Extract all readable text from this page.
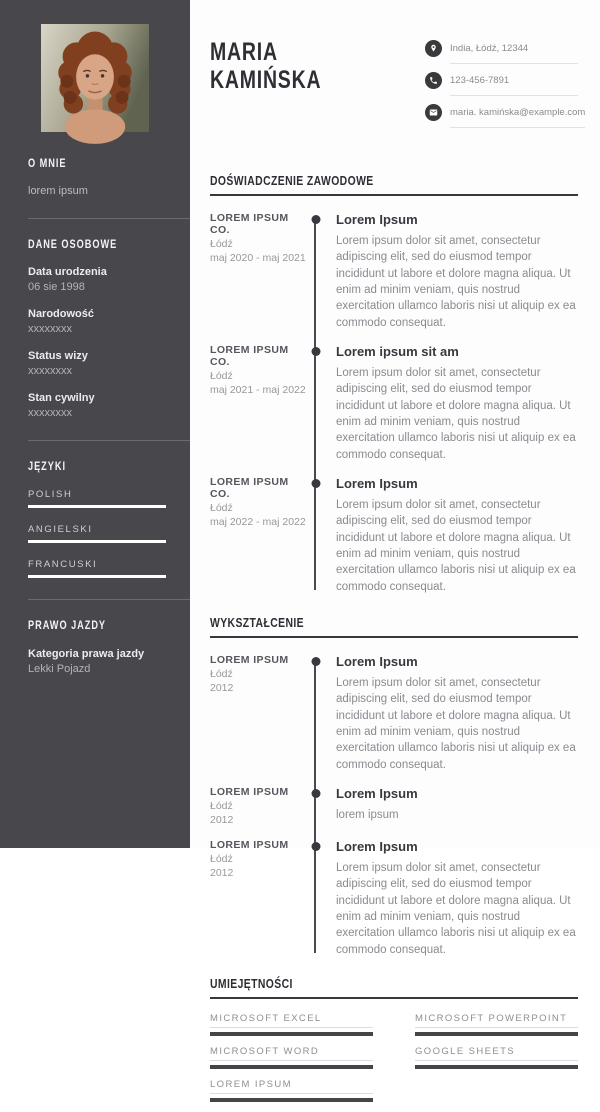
O MNIE

lorem ipsum

DANE OSOBOWE
Data urodzenia
06 sie 1998
Narodowość
xxxxxxxx
Status wizy
xxxxxxxx
Stan cywilny
xxxxxxxx
JĘZYKI
POLISH
ANGIELSKI
FRANCUSKI
PRAWO JAZDY
Kategoria prawa jazdy
Lekki Pojazd
MARIA
KAMIŃSKA
India, Łódź, 12344
123-456-7891
maria. kamińska@example.com
DOŚWIADCZENIE ZAWODOWE
LOREM IPSUM CO.
Łódź
maj 2020 - maj 2021
Lorem Ipsum

Lorem ipsum dolor sit amet, consectetur adipiscing elit, sed do eiusmod tempor incididunt ut labore et dolore magna aliqua. Ut enim ad minim veniam, quis nostrud exercitation ullamco laboris nisi ut aliquip ex ea commodo consequat.

LOREM IPSUM CO.
Łódź
maj 2021 - maj 2022
Lorem ipsum sit am

Lorem ipsum dolor sit amet, consectetur adipiscing elit, sed do eiusmod tempor incididunt ut labore et dolore magna aliqua. Ut enim ad minim veniam, quis nostrud exercitation ullamco laboris nisi ut aliquip ex ea commodo consequat.

LOREM IPSUM CO.
Łódź
maj 2022 - maj 2022
Lorem Ipsum

Lorem ipsum dolor sit amet, consectetur adipiscing elit, sed do eiusmod tempor incididunt ut labore et dolore magna aliqua. Ut enim ad minim veniam, quis nostrud exercitation ullamco laboris nisi ut aliquip ex ea commodo consequat.

WYKSZTAŁCENIE
LOREM IPSUM
Łódź
2012
Lorem Ipsum

Lorem ipsum dolor sit amet, consectetur adipiscing elit, sed do eiusmod tempor incididunt ut labore et dolore magna aliqua. Ut enim ad minim veniam, quis nostrud exercitation ullamco laboris nisi ut aliquip ex ea commodo consequat.

LOREM IPSUM
Łódź
2012
Lorem Ipsum

lorem ipsum

LOREM IPSUM
Łódź
2012
Lorem Ipsum

Lorem ipsum dolor sit amet, consectetur adipiscing elit, sed do eiusmod tempor incididunt ut labore et dolore magna aliqua. Ut enim ad minim veniam, quis nostrud exercitation ullamco laboris nisi ut aliquip ex ea commodo consequat.

UMIEJĘTNOŚCI
MICROSOFT EXCEL
MICROSOFT WORD
LOREM IPSUM
MICROSOFT POWERPOINT
GOOGLE SHEETS
